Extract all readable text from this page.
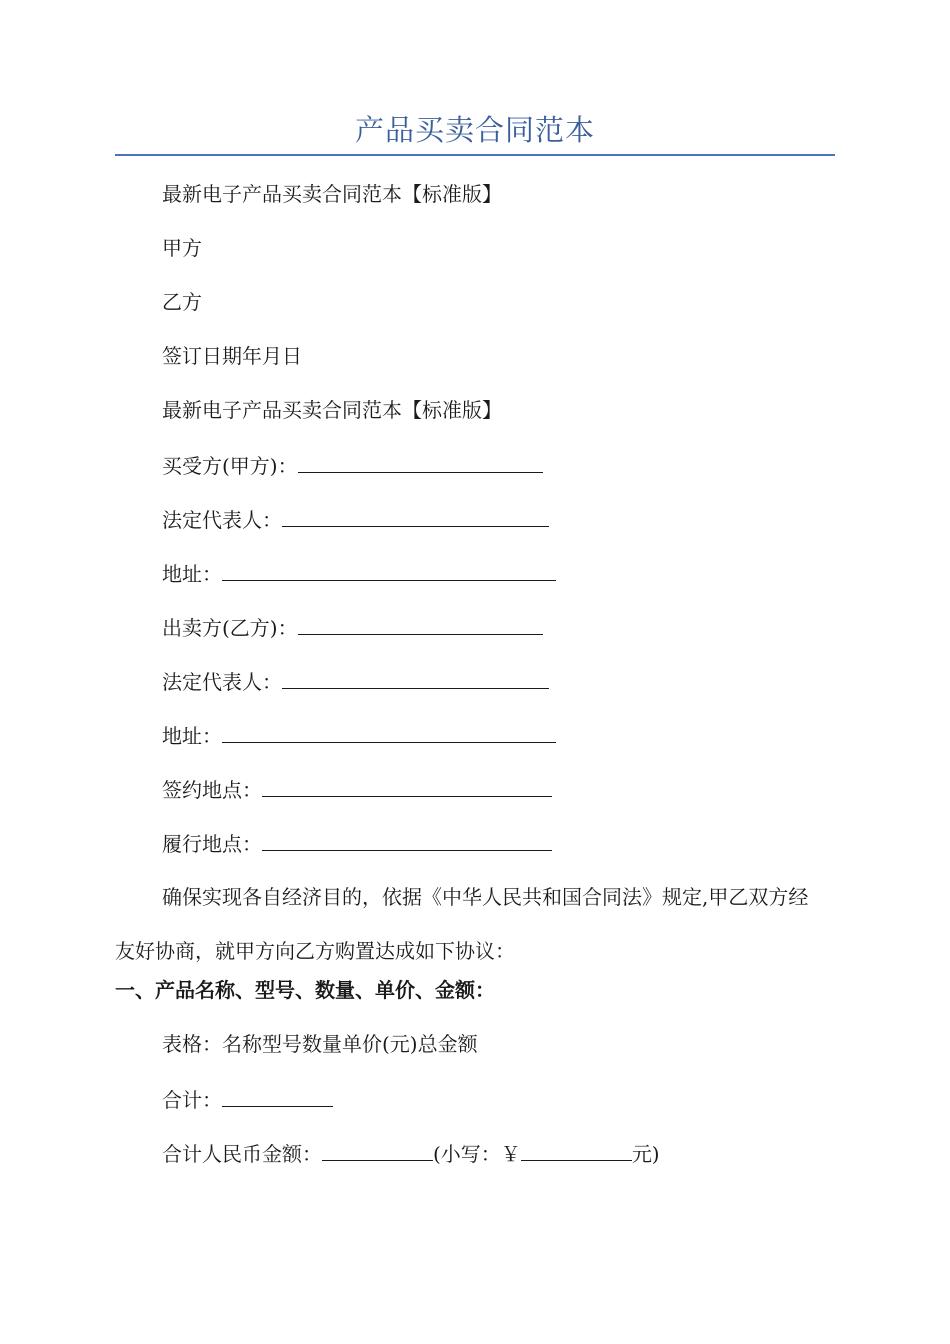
产品买卖合同范本
最新电子产品买卖合同范本【标准版】
甲方
乙方
签订日期年月日
最新电子产品买卖合同范本【标准版】
买受方(甲方)：
法定代表人：
地址：
出卖方(乙方)：
法定代表人：
地址：
签约地点：
履行地点：
确保实现各自经济目的，依据《中华人民共和国合同法》规定,甲乙双方经友好协商，就甲方向乙方购置达成如下协议：
一、产品名称、型号、数量、单价、金额：
表格：名称型号数量单价(元)总金额
合计：
合计人民币金额：	(小写：￥	元)
